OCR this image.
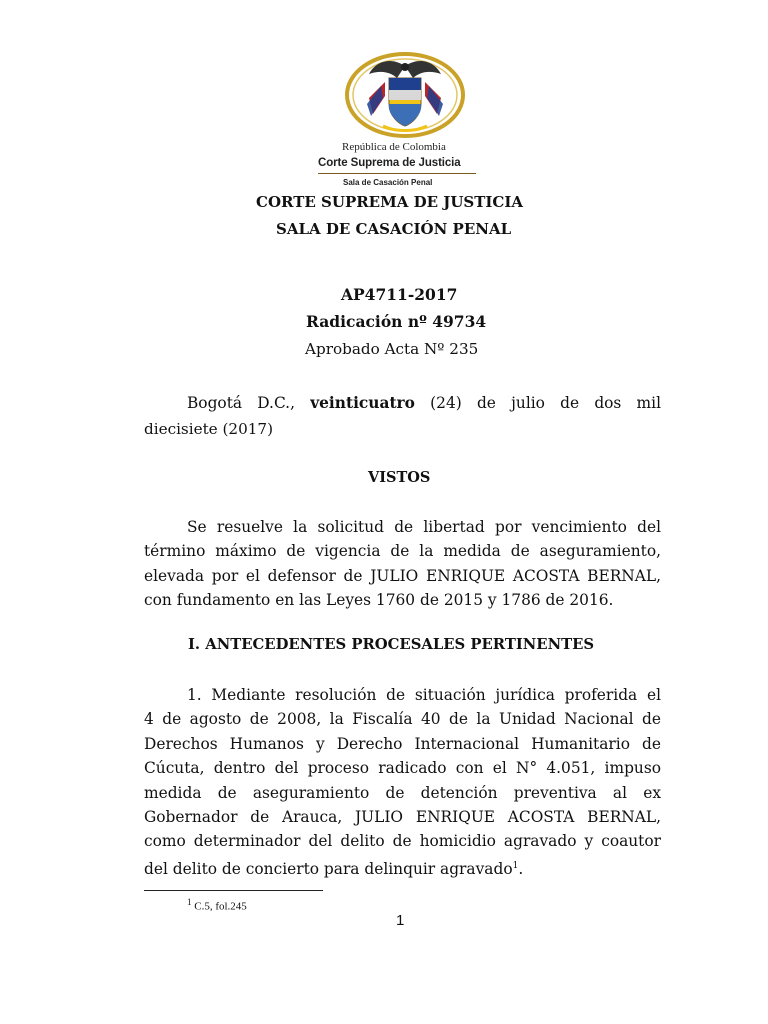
República de Colombia
Corte Suprema de Justicia
Sala de Casación Penal
CORTE SUPREMA DE JUSTICIA
SALA DE CASACIÓN PENAL
AP4711-2017
Radicación nº 49734
Aprobado Acta Nº 235
Bogotá D.C., veinticuatro (24) de julio de dos mil
diecisiete (2017)
VISTOS
Se resuelve la solicitud de libertad por vencimiento del
término máximo de vigencia de la medida de aseguramiento,
elevada por el defensor de JULIO ENRIQUE ACOSTA BERNAL,
con fundamento en las Leyes 1760 de 2015 y 1786 de 2016.
I. ANTECEDENTES PROCESALES PERTINENTES
1. Mediante resolución de situación jurídica proferida el
4 de agosto de 2008, la Fiscalía 40 de la Unidad Nacional de
Derechos Humanos y Derecho Internacional Humanitario de
Cúcuta, dentro del proceso radicado con el N° 4.051, impuso
medida de aseguramiento de detención preventiva al ex
Gobernador de Arauca, JULIO ENRIQUE ACOSTA BERNAL,
como determinador del delito de homicidio agravado y coautor
del delito de concierto para delinquir agravado$^1$.
$^1$ C.5, fol.245
1
